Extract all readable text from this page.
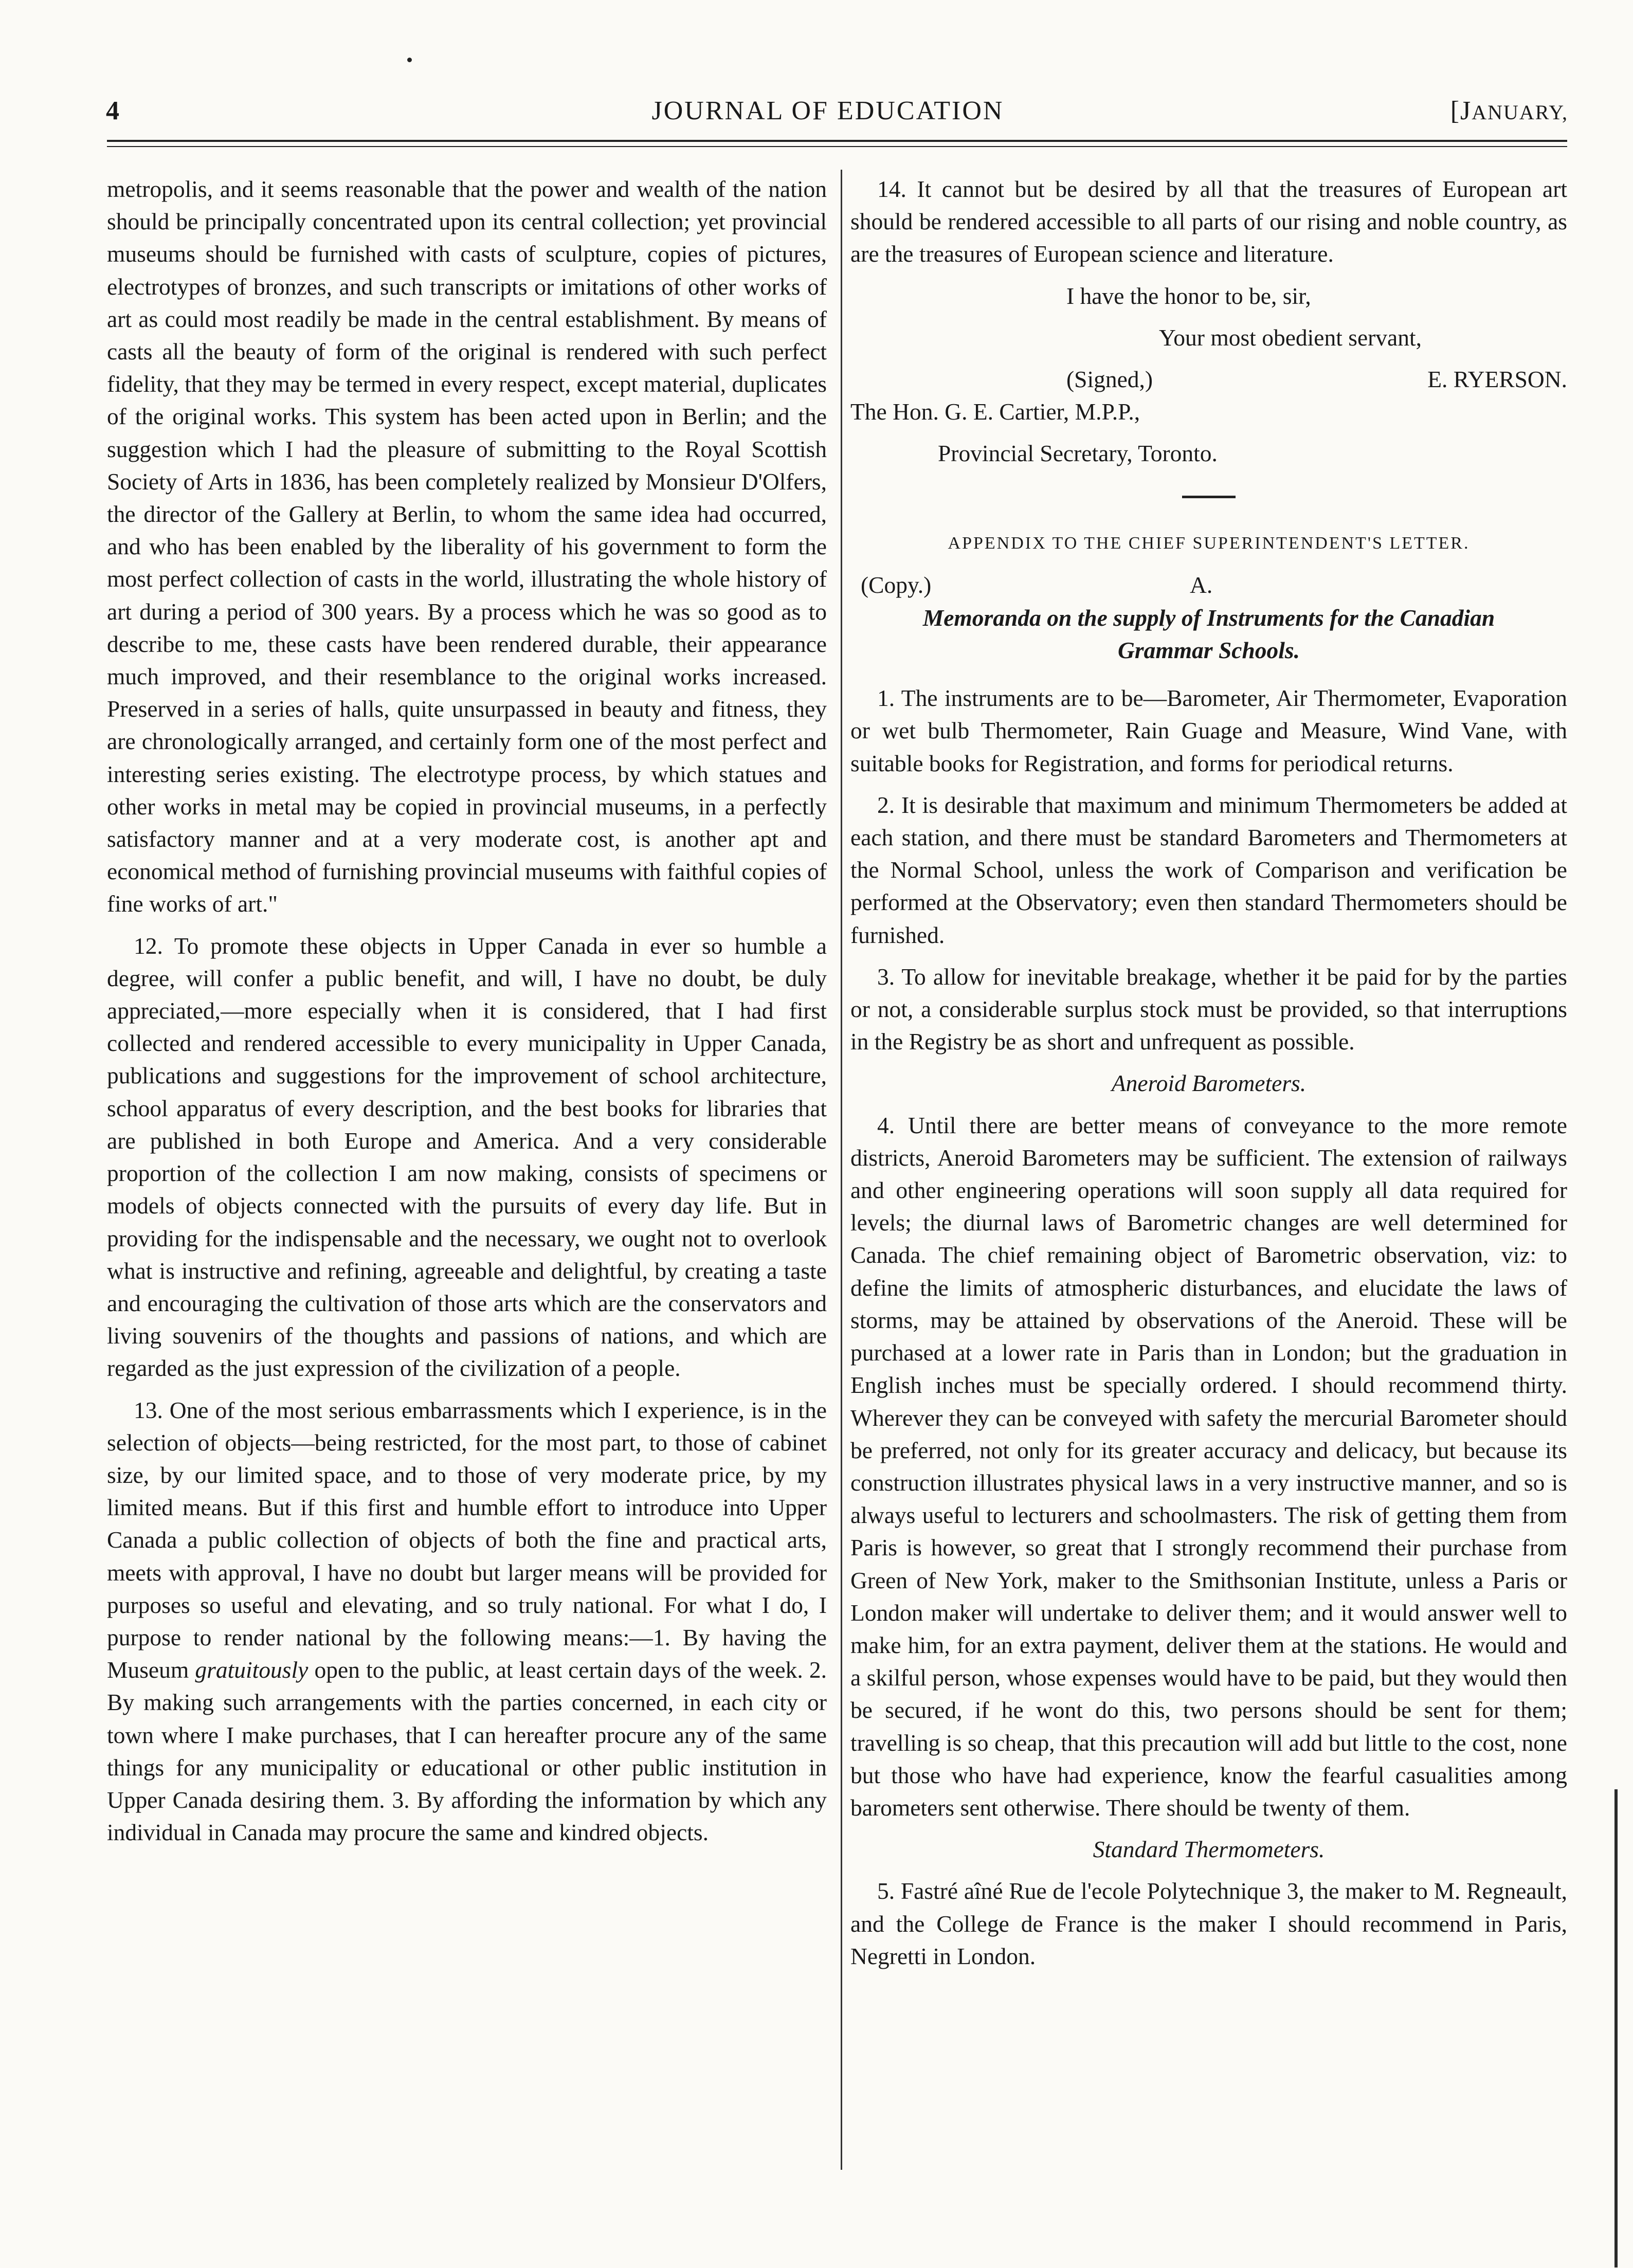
4	JOURNAL OF EDUCATION	[JANUARY,

metropolis, and it seems reasonable that the power and wealth of the nation should be principally concentrated upon its central collection; yet provincial museums should be furnished with casts of sculpture, copies of pictures, electrotypes of bronzes, and such transcripts or imitations of other works of art as could most readily be made in the central establishment. By means of casts all the beauty of form of the original is rendered with such perfect fidelity, that they may be termed in every respect, except material, duplicates of the original works. This system has been acted upon in Berlin; and the suggestion which I had the pleasure of submitting to the Royal Scottish Society of Arts in 1836, has been completely realized by Monsieur D'Olfers, the director of the Gallery at Berlin, to whom the same idea had occurred, and who has been enabled by the liberality of his government to form the most perfect collection of casts in the world, illustrating the whole history of art during a period of 300 years. By a process which he was so good as to describe to me, these casts have been rendered durable, their appearance much improved, and their resemblance to the original works increased. Preserved in a series of halls, quite unsurpassed in beauty and fitness, they are chronologically arranged, and certainly form one of the most perfect and interesting series existing. The electrotype process, by which statues and other works in metal may be copied in provincial museums, in a perfectly satisfactory manner and at a very moderate cost, is another apt and economical method of furnishing provincial museums with faithful copies of fine works of art."

12. To promote these objects in Upper Canada in ever so humble a degree, will confer a public benefit, and will, I have no doubt, be duly appreciated,—more especially when it is considered, that I had first collected and rendered accessible to every municipality in Upper Canada, publications and suggestions for the improvement of school architecture, school apparatus of every description, and the best books for libraries that are published in both Europe and America. And a very considerable proportion of the collection I am now making, consists of specimens or models of objects connected with the pursuits of every day life. But in providing for the indispensable and the necessary, we ought not to overlook what is instructive and refining, agreeable and delightful, by creating a taste and encouraging the cultivation of those arts which are the conservators and living souvenirs of the thoughts and passions of nations, and which are regarded as the just expression of the civilization of a people.

13. One of the most serious embarrassments which I experience, is in the selection of objects—being restricted, for the most part, to those of cabinet size, by our limited space, and to those of very moderate price, by my limited means. But if this first and humble effort to introduce into Upper Canada a public collection of objects of both the fine and practical arts, meets with approval, I have no doubt but larger means will be provided for purposes so useful and elevating, and so truly national. For what I do, I purpose to render national by the following means:—1. By having the Museum gratuitously open to the public, at least certain days of the week. 2. By making such arrangements with the parties concerned, in each city or town where I make purchases, that I can hereafter procure any of the same things for any municipality or educational or other public institution in Upper Canada desiring them. 3. By affording the information by which any individual in Canada may procure the same and kindred objects.

14. It cannot but be desired by all that the treasures of European art should be rendered accessible to all parts of our rising and noble country, as are the treasures of European science and literature.

I have the honor to be, sir,

Your most obedient servant,

(Signed,)	E. RYERSON.

The Hon. G. E. Cartier, M.P.P.,

Provincial Secretary, Toronto.

APPENDIX TO THE CHIEF SUPERINTENDENT'S LETTER.

(Copy.)	A.
Memoranda on the supply of Instruments for the Canadian
Grammar Schools.

1. The instruments are to be—Barometer, Air Thermometer, Evaporation or wet bulb Thermometer, Rain Guage and Measure, Wind Vane, with suitable books for Registration, and forms for periodical returns.

2. It is desirable that maximum and minimum Thermometers be added at each station, and there must be standard Barometers and Thermometers at the Normal School, unless the work of Comparison and verification be performed at the Observatory; even then standard Thermometers should be furnished.

3. To allow for inevitable breakage, whether it be paid for by the parties or not, a considerable surplus stock must be provided, so that interruptions in the Registry be as short and unfrequent as possible.

Aneroid Barometers.

4. Until there are better means of conveyance to the more remote districts, Aneroid Barometers may be sufficient. The extension of railways and other engineering operations will soon supply all data required for levels; the diurnal laws of Barometric changes are well determined for Canada. The chief remaining object of Barometric observation, viz: to define the limits of atmospheric disturbances, and elucidate the laws of storms, may be attained by observations of the Aneroid. These will be purchased at a lower rate in Paris than in London; but the graduation in English inches must be specially ordered. I should recommend thirty. Wherever they can be conveyed with safety the mercurial Barometer should be preferred, not only for its greater accuracy and delicacy, but because its construction illustrates physical laws in a very instructive manner, and so is always useful to lecturers and schoolmasters. The risk of getting them from Paris is however, so great that I strongly recommend their purchase from Green of New York, maker to the Smithsonian Institute, unless a Paris or London maker will undertake to deliver them; and it would answer well to make him, for an extra payment, deliver them at the stations. He would and a skilful person, whose expenses would have to be paid, but they would then be secured, if he wont do this, two persons should be sent for them; travelling is so cheap, that this precaution will add but little to the cost, none but those who have had experience, know the fearful casualities among barometers sent otherwise. There should be twenty of them.

Standard Thermometers.

5. Fastré aîné Rue de l'ecole Polytechnique 3, the maker to M. Regneault, and the College de France is the maker I should recommend in Paris, Negretti in London.
